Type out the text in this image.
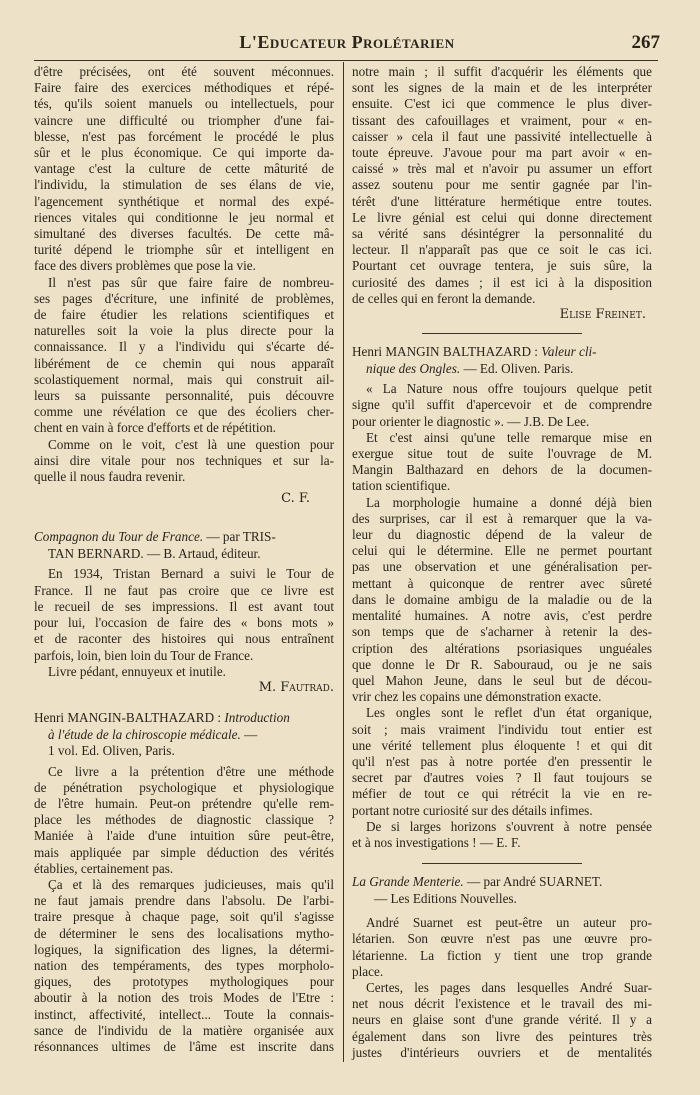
L'Educateur Prolétarien	267

d'être précisées, ont été souvent méconnues.

Faire faire des exercices méthodiques et répé-

tés, qu'ils soient manuels ou intellectuels, pour

vaincre une difficulté ou triompher d'une fai-

blesse, n'est pas forcément le procédé le plus

sûr et le plus économique. Ce qui importe da-

vantage c'est la culture de cette mâturité de

l'individu, la stimulation de ses élans de vie,

l'agencement synthétique et normal des expé-

riences vitales qui conditionne le jeu normal et

simultané des diverses facultés. De cette mâ-

turité dépend le triomphe sûr et intelligent en

face des divers problèmes que pose la vie.

Il n'est pas sûr que faire faire de nombreu-

ses pages d'écriture, une infinité de problèmes,

de faire étudier les relations scientifiques et

naturelles soit la voie la plus directe pour la

connaissance. Il y a l'individu qui s'écarte dé-

libérément de ce chemin qui nous apparaît

scolastiquement normal, mais qui construit ail-

leurs sa puissante personnalité, puis découvre

comme une révélation ce que des écoliers cher-

chent en vain à force d'efforts et de répétition.

Comme on le voit, c'est là une question pour

ainsi dire vitale pour nos techniques et sur la-

quelle il nous faudra revenir.

C. F.
Compagnon du Tour de France. — par TRIS-
TAN BERNARD. — B. Artaud, éditeur.

En 1934, Tristan Bernard a suivi le Tour de

France. Il ne faut pas croire que ce livre est

le recueil de ses impressions. Il est avant tout

pour lui, l'occasion de faire des « bons mots »

et de raconter des histoires qui nous entraînent

parfois, loin, bien loin du Tour de France.

Livre pédant, ennuyeux et inutile.

M. Fautrad.
Henri MANGIN-BALTHAZARD : Introduction
à l'étude de la chiroscopie médicale. —
1 vol. Ed. Oliven, Paris.

Ce livre a la prétention d'être une méthode

de pénétration psychologique et physiologique

de l'être humain. Peut-on prétendre qu'elle rem-

place les méthodes de diagnostic classique ?

Maniée à l'aide d'une intuition sûre peut-être,

mais appliquée par simple déduction des vérités

établies, certainement pas.

Ça et là des remarques judicieuses, mais qu'il

ne faut jamais prendre dans l'absolu. De l'arbi-

traire presque à chaque page, soit qu'il s'agisse

de déterminer le sens des localisations mytho-

logiques, la signification des lignes, la détermi-

nation des tempéraments, des types morpholo-

giques, des prototypes mythologiques pour

aboutir à la notion des trois Modes de l'Etre :

instinct, affectivité, intellect... Toute la connais-

sance de l'individu de la matière organisée aux

résonnances ultimes de l'âme est inscrite dans

notre main ; il suffit d'acquérir les éléments que

sont les signes de la main et de les interpréter

ensuite. C'est ici que commence le plus diver-

tissant des cafouillages et vraiment, pour « en-

caisser » cela il faut une passivité intellectuelle à

toute épreuve. J'avoue pour ma part avoir « en-

caissé » très mal et n'avoir pu assumer un effort

assez soutenu pour me sentir gagnée par l'in-

térêt d'une littérature hermétique entre toutes.

Le livre génial est celui qui donne directement

sa vérité sans désintégrer la personnalité du

lecteur. Il n'apparaît pas que ce soit le cas ici.

Pourtant cet ouvrage tentera, je suis sûre, la

curiosité des dames ; il est ici à la disposition

de celles qui en feront la demande.

Elise Freinet.
Henri MANGIN BALTHAZARD : Valeur cli-
nique des Ongles. — Ed. Oliven. Paris.

« La Nature nous offre toujours quelque petit

signe qu'il suffit d'apercevoir et de comprendre

pour orienter le diagnostic ». — J.B. De Lee.

Et c'est ainsi qu'une telle remarque mise en

exergue situe tout de suite l'ouvrage de M.

Mangin Balthazard en dehors de la documen-

tation scientifique.

La morphologie humaine a donné déjà bien

des surprises, car il est à remarquer que la va-

leur du diagnostic dépend de la valeur de

celui qui le détermine. Elle ne permet pourtant

pas une observation et une généralisation per-

mettant à quiconque de rentrer avec sûreté

dans le domaine ambigu de la maladie ou de la

mentalité humaines. A notre avis, c'est perdre

son temps que de s'acharner à retenir la des-

cription des altérations psoriasiques unguéales

que donne le Dr R. Sabouraud, ou je ne sais

quel Mahon Jeune, dans le seul but de décou-

vrir chez les copains une démonstration exacte.

Les ongles sont le reflet d'un état organique,

soit ; mais vraiment l'individu tout entier est

une vérité tellement plus éloquente ! et qui dit

qu'il n'est pas à notre portée d'en pressentir le

secret par d'autres voies ? Il faut toujours se

méfier de tout ce qui rétrécit la vie en re-

portant notre curiosité sur des détails infimes.

De si larges horizons s'ouvrent à notre pensée

et à nos investigations ! — E. F.

La Grande Menterie. — par André SUARNET.
— Les Editions Nouvelles.

André Suarnet est peut-être un auteur pro-

létarien. Son œuvre n'est pas une œuvre pro-

létarienne. La fiction y tient une trop grande

place.

Certes, les pages dans lesquelles André Suar-

net nous décrit l'existence et le travail des mi-

neurs en glaise sont d'une grande vérité. Il y a

également dans son livre des peintures très

justes d'intérieurs ouvriers et de mentalités
